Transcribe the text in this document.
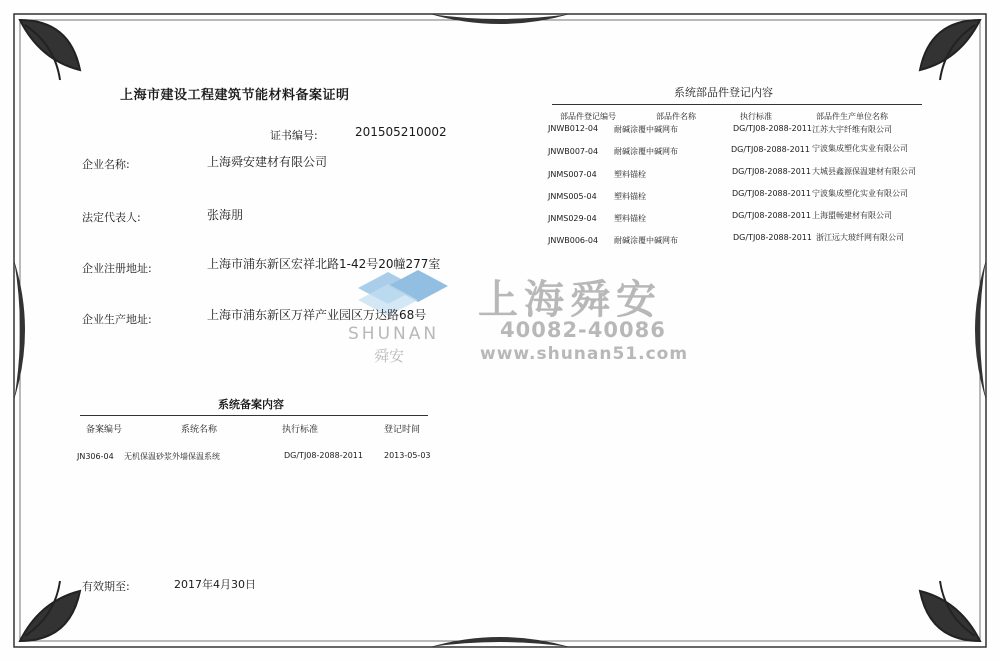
上海市建设工程建筑节能材料备案证明
证书编号:	201505210002
企业名称:	上海舜安建材有限公司
法定代表人:	张海朋
企业注册地址:	上海市浦东新区宏祥北路1-42号20幢277室
企业生产地址:	上海市浦东新区万祥产业园区万达路68号
系统备案内容
备案编号	系统名称	执行标准	登记时间
JN306-04 无机保温砂浆外墙保温系统	DG/TJ08-2088-2011	2013-05-03
有效期至:	2017年4月30日
系统部品件登记内容
部品件登记编号	部品件名称	执行标准	部品件生产单位名称
JNWB012-04 耐碱涂覆中碱网布	DG/TJ08-2088-2011 江苏大宇纤维有限公司
JNWB007-04 耐碱涂覆中碱网布	DG/TJ08-2088-2011 宁波集成塑化实业有限公司
JNMS007-04 塑料锚栓	DG/TJ08-2088-2011 大城县鑫源保温建材有限公司
JNMS005-04 塑料锚栓	DG/TJ08-2088-2011 宁波集成塑化实业有限公司
JNMS029-04 塑料锚栓	DG/TJ08-2088-2011 上海盟畅建材有限公司
JNWB006-04 耐碱涂覆中碱网布	DG/TJ08-2088-2011 浙江远大玻纤网有限公司
上海舜安
40082-40086
www.shunan51.com
SHUNAN
舜安
